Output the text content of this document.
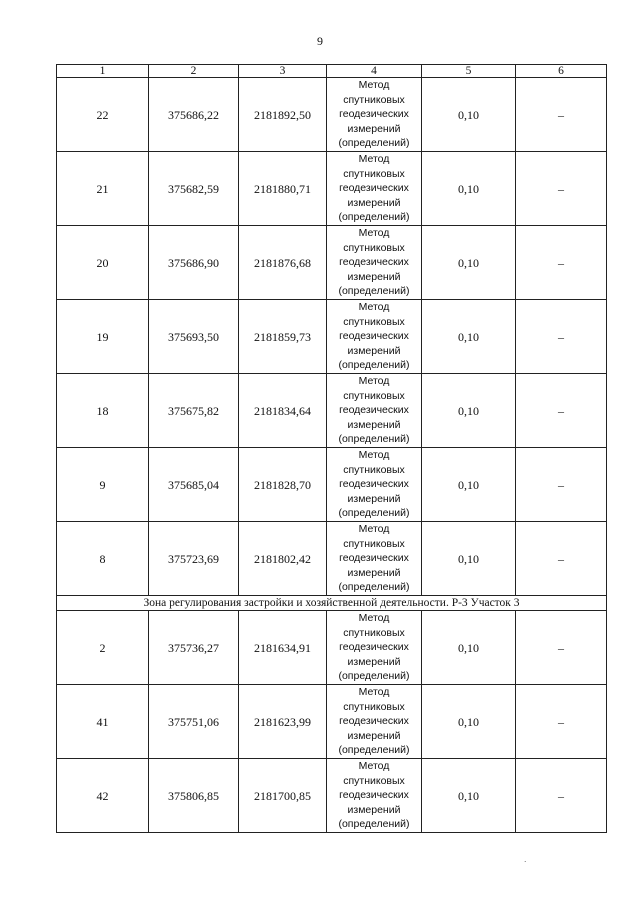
9
1	2	3	4	5	6
22	375686,22	2181892,50	Метод
спутниковых
геодезических
измерений
(определений)	0,10	–
21	375682,59	2181880,71	Метод
спутниковых
геодезических
измерений
(определений)	0,10	–
20	375686,90	2181876,68	Метод
спутниковых
геодезических
измерений
(определений)	0,10	–
19	375693,50	2181859,73	Метод
спутниковых
геодезических
измерений
(определений)	0,10	–
18	375675,82	2181834,64	Метод
спутниковых
геодезических
измерений
(определений)	0,10	–
9	375685,04	2181828,70	Метод
спутниковых
геодезических
измерений
(определений)	0,10	–
8	375723,69	2181802,42	Метод
спутниковых
геодезических
измерений
(определений)	0,10	–
Зона регулирования застройки и хозяйственной деятельности. Р-3 Участок 3					
2	375736,27	2181634,91	Метод
спутниковых
геодезических
измерений
(определений)	0,10	–
41	375751,06	2181623,99	Метод
спутниковых
геодезических
измерений
(определений)	0,10	–
42	375806,85	2181700,85	Метод
спутниковых
геодезических
измерений
(определений)	0,10	–
·
